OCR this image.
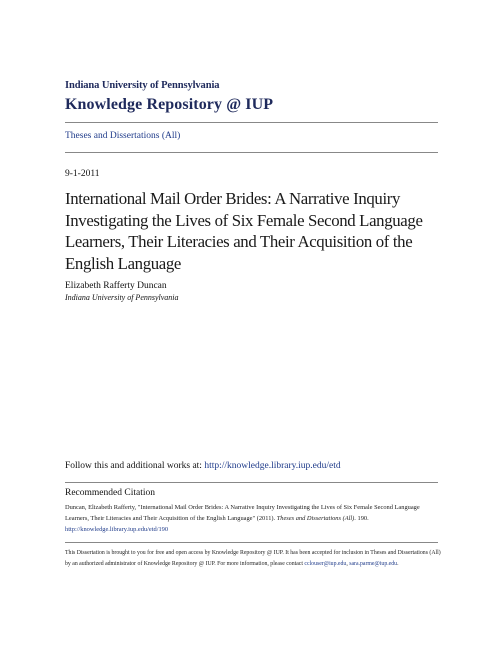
Indiana University of Pennsylvania
Knowledge Repository @ IUP
Theses and Dissertations (All)
9-1-2011
International Mail Order Brides: A Narrative Inquiry Investigating the Lives of Six Female Second Language Learners, Their Literacies and Their Acquisition of the English Language
Elizabeth Rafferty Duncan
Indiana University of Pennsylvania
Follow this and additional works at: http://knowledge.library.iup.edu/etd
Recommended Citation
Duncan, Elizabeth Rafferty, "International Mail Order Brides: A Narrative Inquiry Investigating the Lives of Six Female Second Language Learners, Their Literacies and Their Acquisition of the English Language" (2011). Theses and Dissertations (All). 190.
http://knowledge.library.iup.edu/etd/190
This Dissertation is brought to you for free and open access by Knowledge Repository @ IUP. It has been accepted for inclusion in Theses and Dissertations (All) by an authorized administrator of Knowledge Repository @ IUP. For more information, please contact cclouser@iup.edu, sara.parme@iup.edu.
